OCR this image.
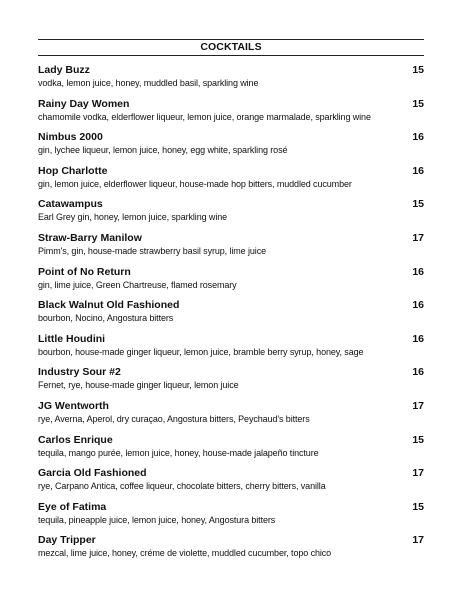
COCKTAILS
Lady Buzz	15
vodka, lemon juice, honey, muddled basil, sparkling wine
Rainy Day Women	15
chamomile vodka, elderflower liqueur, lemon juice, orange marmalade, sparkling wine
Nimbus 2000	16
gin, lychee liqueur, lemon juice, honey, egg white, sparkling rosé
Hop Charlotte	16
gin, lemon juice, elderflower liqueur, house-made hop bitters, muddled cucumber
Catawampus	15
Earl Grey gin, honey, lemon juice, sparkling wine
Straw-Barry Manilow	17
Pimm's, gin, house-made strawberry basil syrup, lime juice
Point of No Return	16
gin, lime juice, Green Chartreuse, flamed rosemary
Black Walnut Old Fashioned	16
bourbon, Nocino, Angostura bitters
Little Houdini	16
bourbon, house-made ginger liqueur, lemon juice, bramble berry syrup, honey, sage
Industry Sour #2	16
Fernet, rye, house-made ginger liqueur, lemon juice
JG Wentworth	17
rye, Averna, Aperol, dry curaçao, Angostura bitters, Peychaud's bitters
Carlos Enrique	15
tequila, mango purée, lemon juice, honey, house-made jalapeño tincture
Garcia Old Fashioned	17
rye, Carpano Antica, coffee liqueur, chocolate bitters, cherry bitters, vanilla
Eye of Fatima	15
tequila, pineapple juice, lemon juice, honey, Angostura bitters
Day Tripper	17
mezcal, lime juice, honey, créme de violette, muddled cucumber, topo chico
